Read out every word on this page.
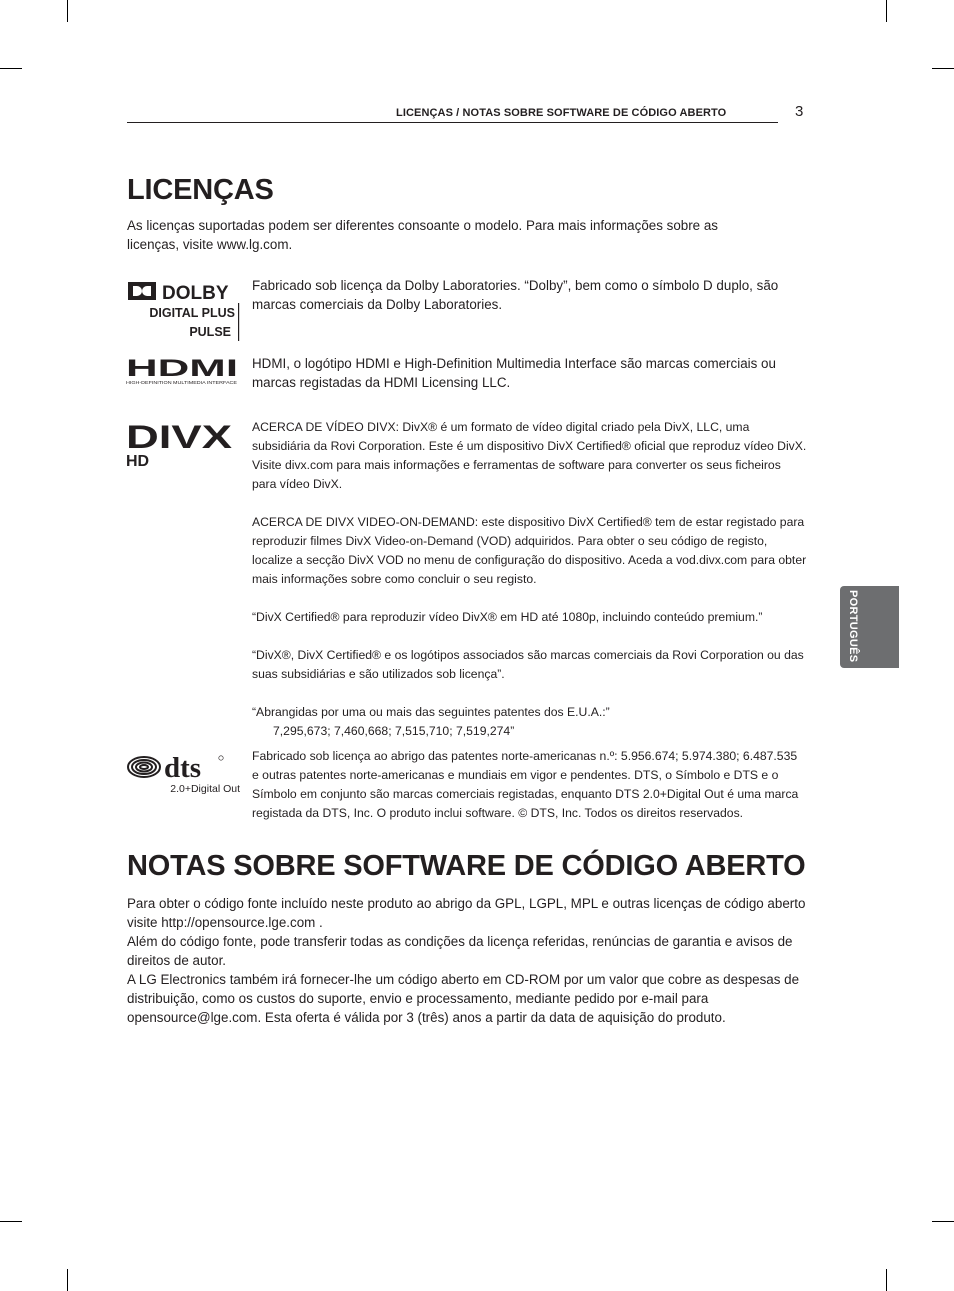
LICENÇAS / NOTAS SOBRE SOFTWARE DE CÓDIGO ABERTO	3
PORTUGUÊS
LICENÇAS

As licenças suportadas podem ser diferentes consoante o modelo. Para mais informações sobre as licenças, visite www.lg.com.

DOLBY
DIGITAL PLUS
PULSE

Fabricado sob licença da Dolby Laboratories. “Dolby”, bem como o símbolo D duplo, são marcas comerciais da Dolby Laboratories.

HDMI
HIGH-DEFINITION MULTIMEDIA INTERFACE

HDMI, o logótipo HDMI e High-Definition Multimedia Interface são marcas comerciais ou marcas registadas da HDMI Licensing LLC.

DIVX
HD

ACERCA DE VÍDEO DIVX: DivX® é um formato de vídeo digital criado pela DivX, LLC, uma subsidiária da Rovi Corporation. Este é um dispositivo DivX Certified® oficial que reproduz vídeo DivX. Visite divx.com para mais informações e ferramentas de software para converter os seus ficheiros para vídeo DivX.

ACERCA DE DIVX VIDEO-ON-DEMAND: este dispositivo DivX Certified® tem de estar registado para reproduzir filmes DivX Video-on-Demand (VOD) adquiridos. Para obter o seu código de registo, localize a secção DivX VOD no menu de configuração do dispositivo. Aceda a vod.divx.com para obter mais informações sobre como concluir o seu registo.

“DivX Certified® para reproduzir vídeo DivX® em HD até 1080p, incluindo conteúdo premium.”

“DivX®, DivX Certified® e os logótipos associados são marcas comerciais da Rovi Corporation ou das suas subsidiárias e são utilizados sob licença”.

“Abrangidas por uma ou mais das seguintes patentes dos E.U.A.:”

7,295,673; 7,460,668; 7,515,710; 7,519,274”

dts
2.0+Digital Out

Fabricado sob licença ao abrigo das patentes norte-americanas n.º: 5.956.674; 5.974.380; 6.487.535 e outras patentes norte-americanas e mundiais em vigor e pendentes. DTS, o Símbolo e DTS e o Símbolo em conjunto são marcas comerciais registadas, enquanto DTS 2.0+Digital Out é uma marca registada da DTS, Inc. O produto inclui software. © DTS, Inc. Todos os direitos reservados.

NOTAS SOBRE SOFTWARE DE CÓDIGO ABERTO

Para obter o código fonte incluído neste produto ao abrigo da GPL, LGPL, MPL e outras licenças de código aberto visite http://opensource.lge.com .

Além do código fonte, pode transferir todas as condições da licença referidas, renúncias de garantia e avisos de direitos de autor.

A LG Electronics também irá fornecer-lhe um código aberto em CD-ROM por um valor que cobre as despesas de distribuição, como os custos do suporte, envio e processamento, mediante pedido por e-mail para opensource@lge.com. Esta oferta é válida por 3 (três) anos a partir da data de aquisição do produto.
